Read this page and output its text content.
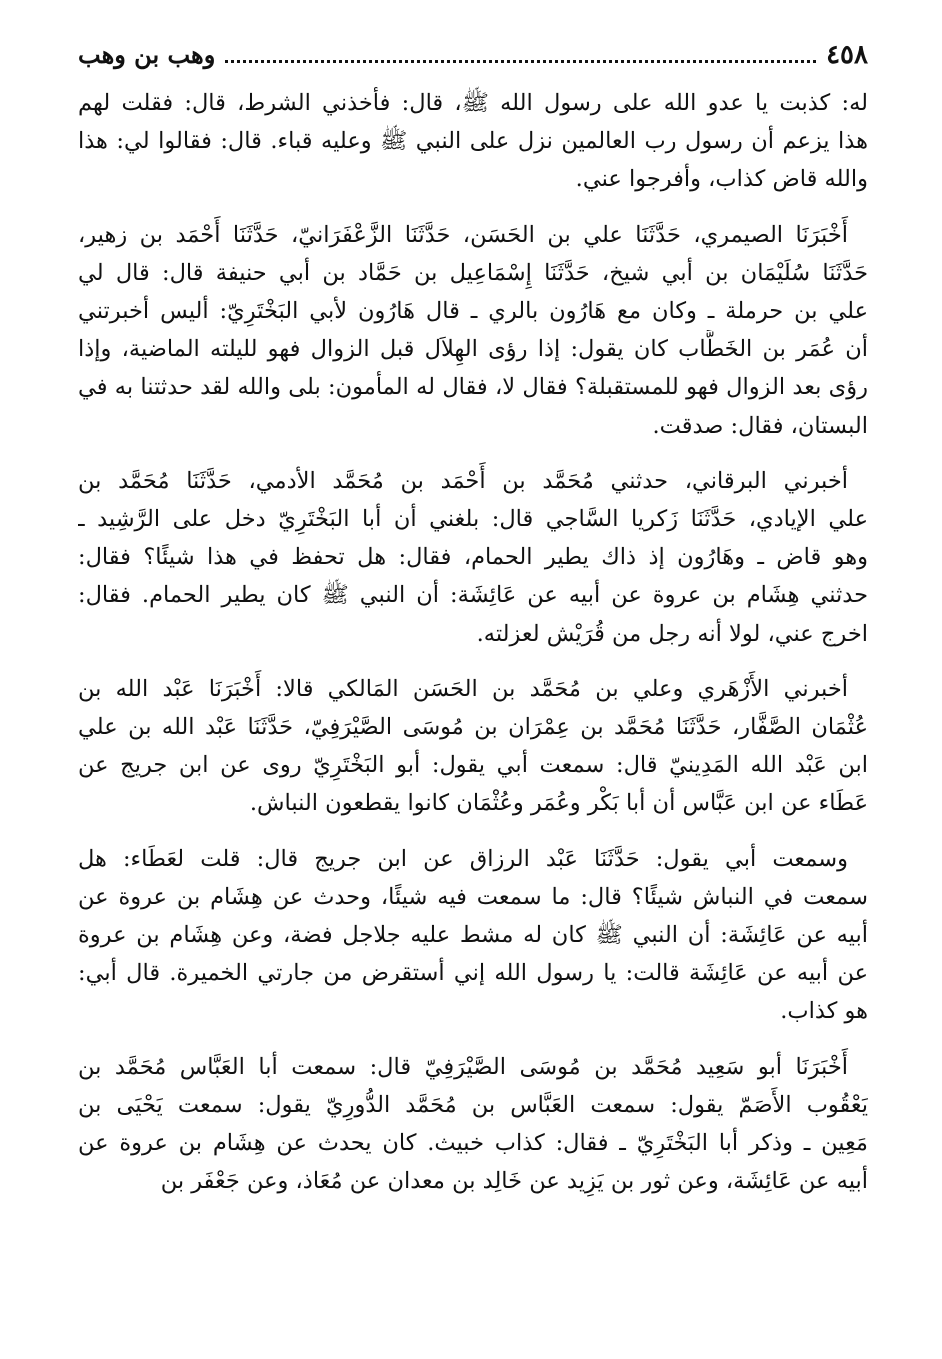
٤٥٨
وهب بن وهب
له: كذبت يا عدو الله على رسول الله ﷺ، قال: فأخذني الشرط، قال: فقلت لهم
هذا يزعم أن رسول رب العالمين نزل على النبي ﷺ وعليه قباء. قال: فقالوا لي: هذا
والله قاض كذاب، وأفرجوا عني.
أَخْبَرَنَا الصيمري، حَدَّثَنَا علي بن الحَسَن، حَدَّثَنَا الزَّعْفَرَانيّ، حَدَّثَنَا أَحْمَد بن زهير،
حَدَّثَنَا سُلَيْمَان بن أبي شيخ، حَدَّثَنَا إِسْمَاعِيل بن حَمَّاد بن أبي حنيفة قال: قال لي
علي بن حرملة ـ وكان مع هَارُون بالري ـ قال هَارُون لأبي البَخْتَرِيّ: أليس أخبرتني
أن عُمَر بن الخَطَّاب كان يقول: إذا رؤى الهِلاَل قبل الزوال فهو لليلته الماضية، وإذا
رؤى بعد الزوال فهو للمستقبلة؟ فقال لا، فقال له المأمون: بلى والله لقد حدثتنا به في
البستان، فقال: صدقت.
أخبرني البرقاني، حدثني مُحَمَّد بن أَحْمَد بن مُحَمَّد الأدمي، حَدَّثَنَا مُحَمَّد بن
علي الإيادي، حَدَّثَنَا زَكريا السَّاجي قال: بلغني أن أبا البَخْتَرِيّ دخل على الرَّشِيد ـ
وهو قاض ـ وهَارُون إذ ذاك يطير الحمام، فقال: هل تحفظ في هذا شيئًا؟ فقال:
حدثني هِشَام بن عروة عن أبيه عن عَائِشَة: أن النبي ﷺ كان يطير الحمام. فقال:
اخرج عني، لولا أنه رجل من قُرَيْش لعزلته.
أخبرني الأَزْهَري وعلي بن مُحَمَّد بن الحَسَن المَالكي قالا: أَخْبَرَنَا عَبْد الله بن
عُثْمَان الصَّفَّار، حَدَّثَنَا مُحَمَّد بن عِمْرَان بن مُوسَى الصَّيْرَفِيّ، حَدَّثَنَا عَبْد الله بن علي
ابن عَبْد الله المَدِينيّ قال: سمعت أبي يقول: أبو البَخْتَرِيّ روى عن ابن جريج عن
عَطَاء عن ابن عَبَّاس أن أبا بَكْر وعُمَر وعُثْمَان كانوا يقطعون النباش.
وسمعت أبي يقول: حَدَّثَنَا عَبْد الرزاق عن ابن جريج قال: قلت لعَطَاء: هل
سمعت في النباش شيئًا؟ قال: ما سمعت فيه شيئًا، وحدث عن هِشَام بن عروة عن
أبيه عن عَائِشَة: أن النبي ﷺ كان له مشط عليه جلاجل فضة، وعن هِشَام بن عروة
عن أبيه عن عَائِشَة قالت: يا رسول الله إني أستقرض من جارتي الخميرة. قال أبي:
هو كذاب.
أَخْبَرَنَا أبو سَعِيد مُحَمَّد بن مُوسَى الصَّيْرَفِيّ قال: سمعت أبا العَبَّاس مُحَمَّد بن
يَعْقُوب الأَصَمّ يقول: سمعت العَبَّاس بن مُحَمَّد الدُّورِيّ يقول: سمعت يَحْيَى بن
مَعِين ـ وذكر أبا البَخْتَرِيّ ـ فقال: كذاب خبيث. كان يحدث عن هِشَام بن عروة عن
أبيه عن عَائِشَة، وعن ثور بن يَزِيد عن خَالِد بن معدان عن مُعَاذ، وعن جَعْفَر بن
